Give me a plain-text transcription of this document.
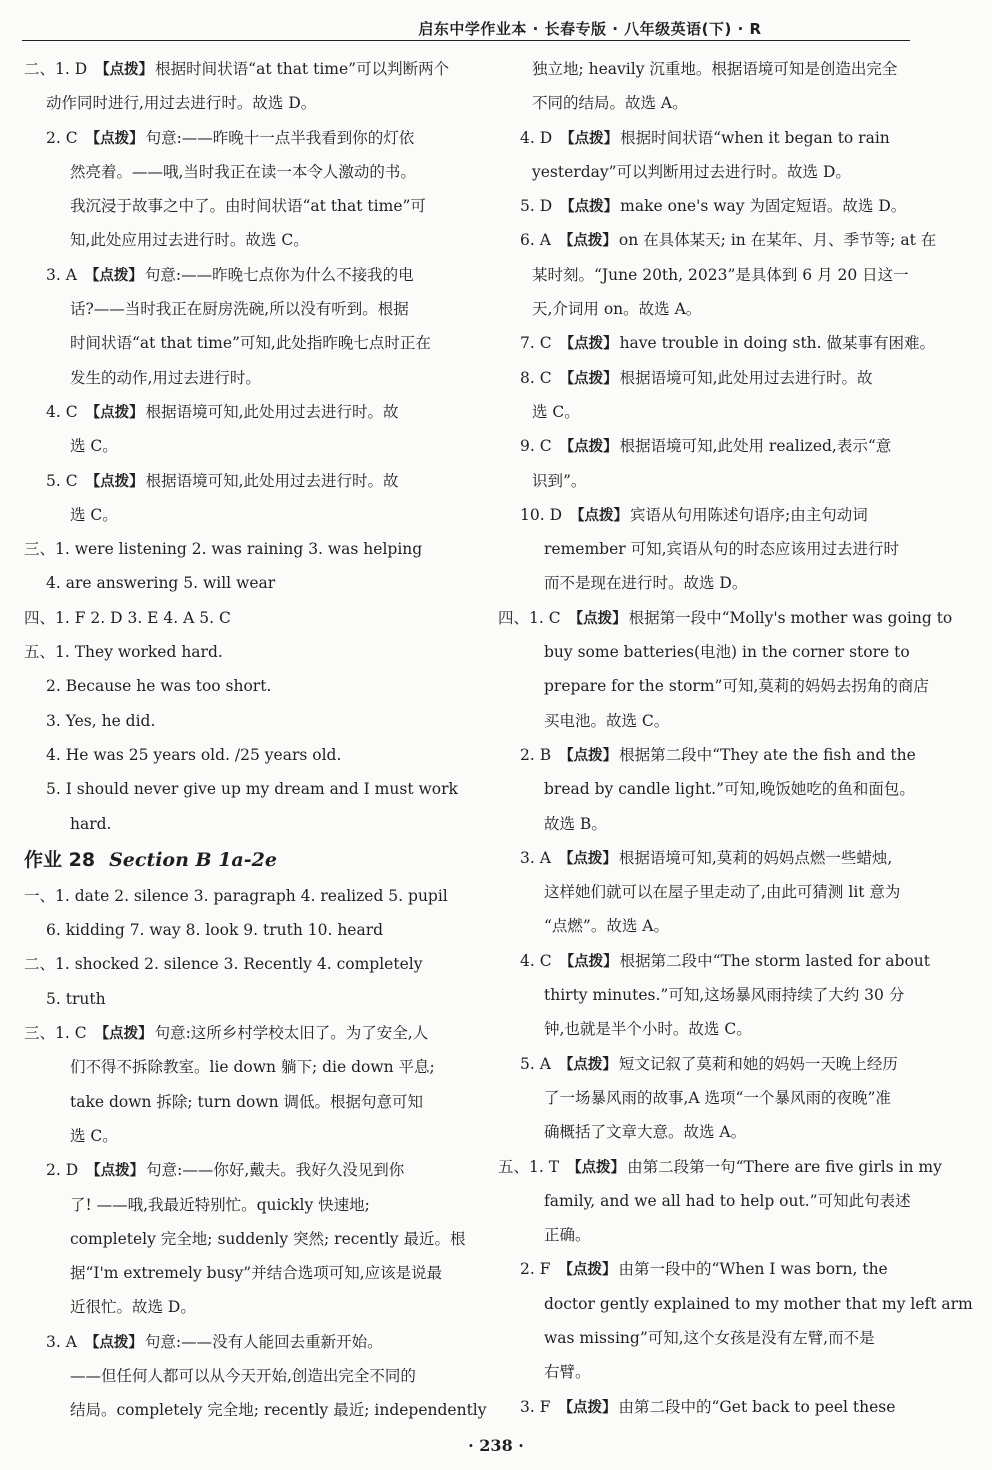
启东中学作业本 · 长春专版 · 八年级英语(下) · R
二、1. D 【点拨】 根据时间状语“at that time”可以判断两个
动作同时进行,用过去进行时。故选 D。
2. C 【点拨】 句意:——昨晚十一点半我看到你的灯依
然亮着。——哦,当时我正在读一本令人激动的书。
我沉浸于故事之中了。由时间状语“at that time”可
知,此处应用过去进行时。故选 C。
3. A 【点拨】 句意:——昨晚七点你为什么不接我的电
话?——当时我正在厨房洗碗,所以没有听到。根据
时间状语“at that time”可知,此处指昨晚七点时正在
发生的动作,用过去进行时。
4. C 【点拨】 根据语境可知,此处用过去进行时。故
选 C。
5. C 【点拨】 根据语境可知,此处用过去进行时。故
选 C。
三、1. were listening 2. was raining 3. was helping
4. are answering 5. will wear
四、1. F 2. D 3. E 4. A 5. C
五、1. They worked hard.
2. Because he was too short.
3. Yes, he did.
4. He was 25 years old. /25 years old.
5. I should never give up my dream and I must work
hard.
作业 28 Section B 1a-2e
一、1. date 2. silence 3. paragraph 4. realized 5. pupil
6. kidding 7. way 8. look 9. truth 10. heard
二、1. shocked 2. silence 3. Recently 4. completely
5. truth
三、1. C 【点拨】 句意:这所乡村学校太旧了。为了安全,人
们不得不拆除教室。lie down 躺下; die down 平息;
take down 拆除; turn down 调低。根据句意可知
选 C。
2. D 【点拨】 句意:——你好,戴夫。我好久没见到你
了! ——哦,我最近特别忙。quickly 快速地;
completely 完全地; suddenly 突然; recently 最近。根
据“I'm extremely busy”并结合选项可知,应该是说最
近很忙。故选 D。
3. A 【点拨】 句意:——没有人能回去重新开始。
——但任何人都可以从今天开始,创造出完全不同的
结局。completely 完全地; recently 最近; independently
独立地; heavily 沉重地。根据语境可知是创造出完全
不同的结局。故选 A。
4. D 【点拨】 根据时间状语“when it began to rain
yesterday”可以判断用过去进行时。故选 D。
5. D 【点拨】 make one's way 为固定短语。故选 D。
6. A 【点拨】 on 在具体某天; in 在某年、月、季节等; at 在
某时刻。“June 20th, 2023”是具体到 6 月 20 日这一
天,介词用 on。故选 A。
7. C 【点拨】 have trouble in doing sth. 做某事有困难。
8. C 【点拨】 根据语境可知,此处用过去进行时。故
选 C。
9. C 【点拨】 根据语境可知,此处用 realized,表示“意
识到”。
10. D 【点拨】 宾语从句用陈述句语序;由主句动词
remember 可知,宾语从句的时态应该用过去进行时
而不是现在进行时。故选 D。
四、1. C 【点拨】 根据第一段中“Molly's mother was going to
buy some batteries(电池) in the corner store to
prepare for the storm”可知,莫莉的妈妈去拐角的商店
买电池。故选 C。
2. B 【点拨】 根据第二段中“They ate the fish and the
bread by candle light.”可知,晚饭她吃的鱼和面包。
故选 B。
3. A 【点拨】 根据语境可知,莫莉的妈妈点燃一些蜡烛,
这样她们就可以在屋子里走动了,由此可猜测 lit 意为
“点燃”。故选 A。
4. C 【点拨】 根据第二段中“The storm lasted for about
thirty minutes.”可知,这场暴风雨持续了大约 30 分
钟,也就是半个小时。故选 C。
5. A 【点拨】 短文记叙了莫莉和她的妈妈一天晚上经历
了一场暴风雨的故事,A 选项“一个暴风雨的夜晚”准
确概括了文章大意。故选 A。
五、1. T 【点拨】 由第二段第一句“There are five girls in my
family, and we all had to help out.”可知此句表述
正确。
2. F 【点拨】 由第一段中的“When I was born, the
doctor gently explained to my mother that my left arm
was missing”可知,这个女孩是没有左臂,而不是
右臂。
3. F 【点拨】 由第二段中的“Get back to peel these
· 238 ·
